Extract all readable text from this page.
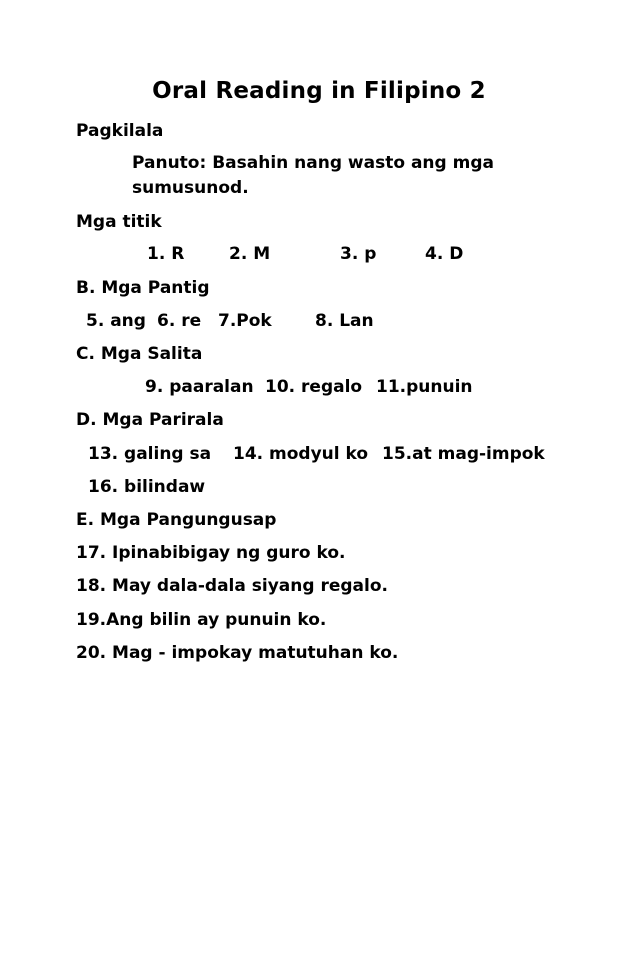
Oral Reading in Filipino 2
Pagkilala
Panuto: Basahin nang wasto ang mga
sumusunod.
Mga titik
1. R	2. M	3. p	4. D
B. Mga Pantig
5. ang 6. re 7.Pok	8. Lan
C. Mga Salita
9. paaralan 10. regalo 11.punuin
D. Mga Parirala
13. galing sa 14. modyul ko 15.at mag-impok
16. bilindaw
E. Mga Pangungusap
17. Ipinabibigay ng guro ko.
18. May dala-dala siyang regalo.
19.Ang bilin ay punuin ko.
20. Mag - impokay matutuhan ko.
